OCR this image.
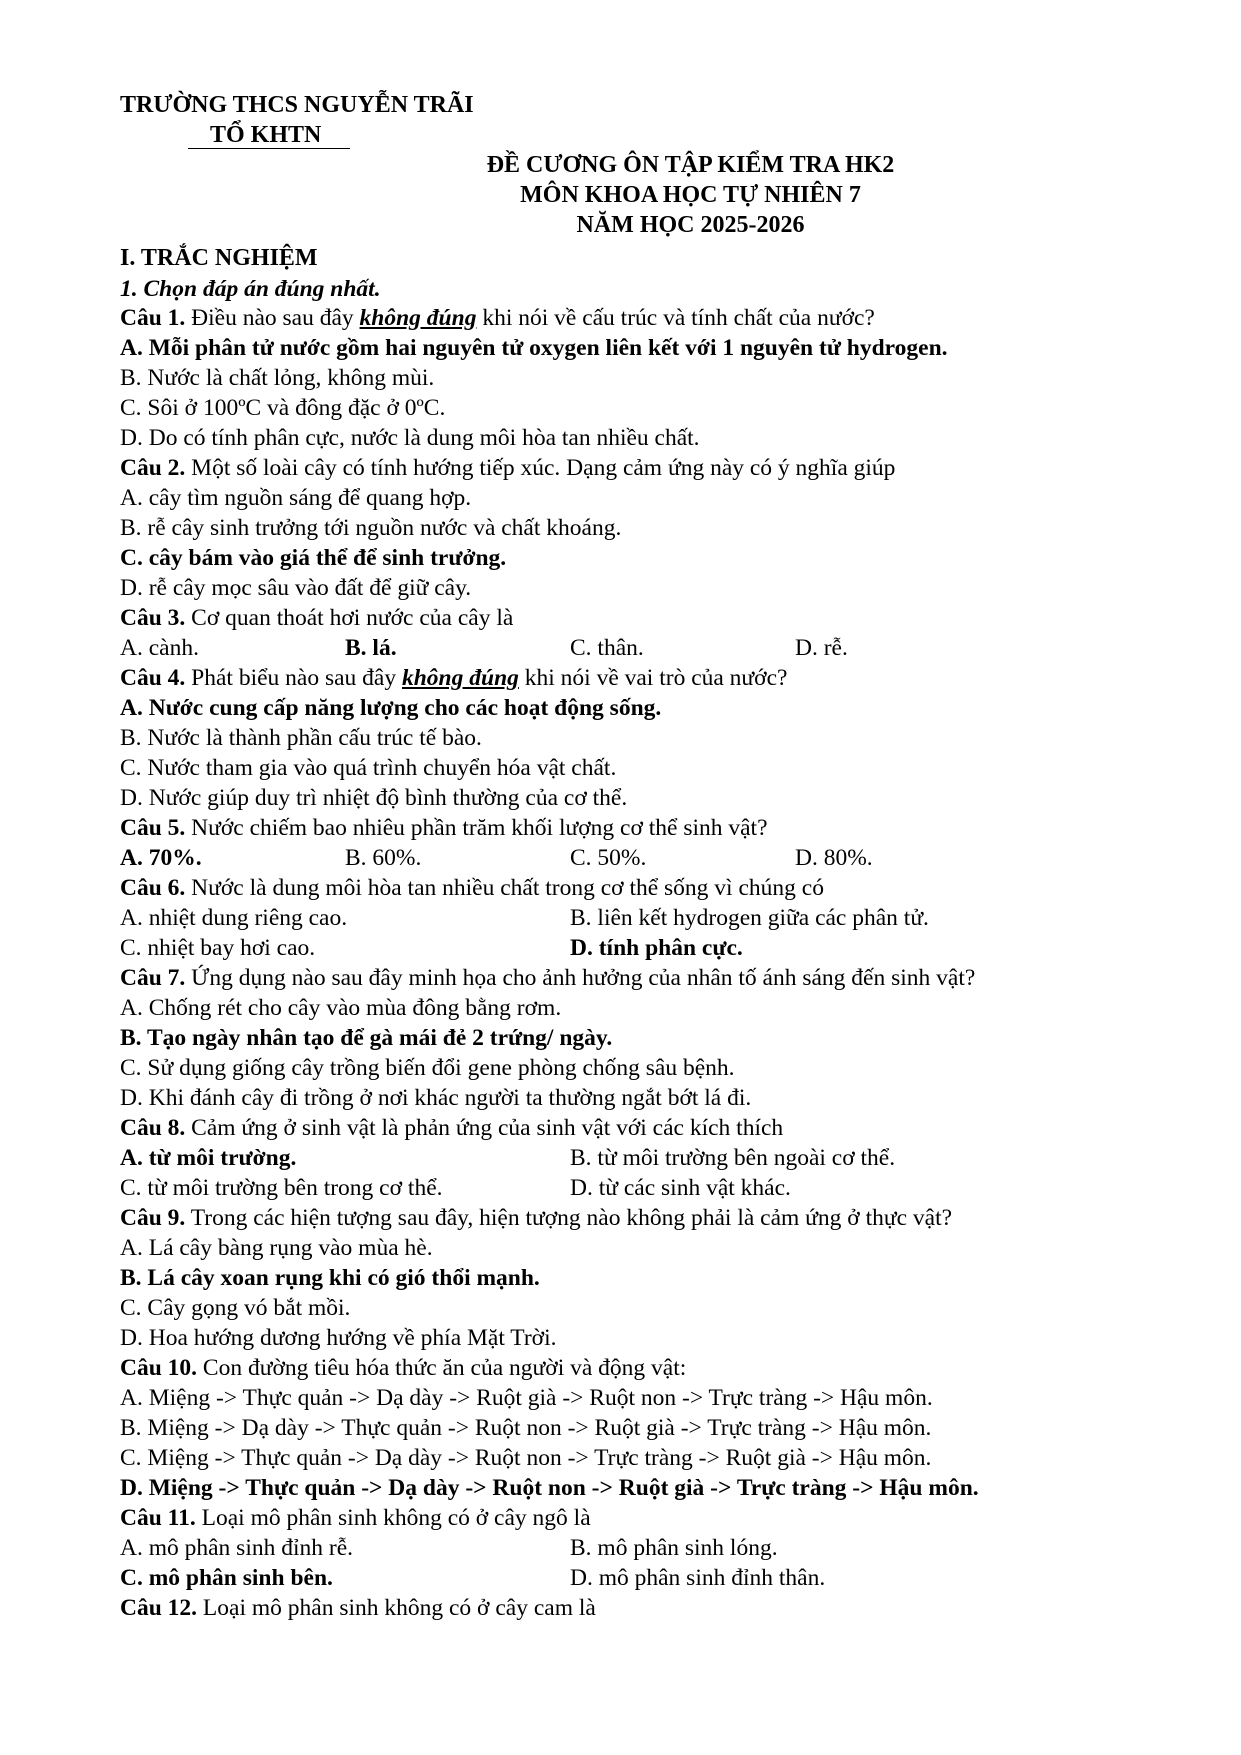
TRƯỜNG THCS NGUYỄN TRÃI
TỔ KHTN
ĐỀ CƯƠNG ÔN TẬP KIỂM TRA HK2
MÔN KHOA HỌC TỰ NHIÊN 7
NĂM HỌC 2025-2026
I. TRẮC NGHIỆM
1. Chọn đáp án đúng nhất.
Câu 1. Điều nào sau đây không đúng khi nói về cấu trúc và tính chất của nước?
A. Mỗi phân tử nước gồm hai nguyên tử oxygen liên kết với 1 nguyên tử hydrogen.
B. Nước là chất lỏng, không mùi.
C. Sôi ở 100ºC và đông đặc ở 0ºC.
D. Do có tính phân cực, nước là dung môi hòa tan nhiều chất.
Câu 2. Một số loài cây có tính hướng tiếp xúc. Dạng cảm ứng này có ý nghĩa giúp
A. cây tìm nguồn sáng để quang hợp.
B. rễ cây sinh trưởng tới nguồn nước và chất khoáng.
C. cây bám vào giá thể để sinh trưởng.
D. rễ cây mọc sâu vào đất để giữ cây.
Câu 3. Cơ quan thoát hơi nước của cây là
A. cành.	B. lá.	C. thân.	D. rễ.
Câu 4. Phát biểu nào sau đây không đúng khi nói về vai trò của nước?
A. Nước cung cấp năng lượng cho các hoạt động sống.
B. Nước là thành phần cấu trúc tế bào.
C. Nước tham gia vào quá trình chuyển hóa vật chất.
D. Nước giúp duy trì nhiệt độ bình thường của cơ thể.
Câu 5. Nước chiếm bao nhiêu phần trăm khối lượng cơ thể sinh vật?
A. 70%.	B. 60%.	C. 50%.	D. 80%.
Câu 6. Nước là dung môi hòa tan nhiều chất trong cơ thể sống vì chúng có
A. nhiệt dung riêng cao.	B. liên kết hydrogen giữa các phân tử.
C. nhiệt bay hơi cao.	D. tính phân cực.
Câu 7. Ứng dụng nào sau đây minh họa cho ảnh hưởng của nhân tố ánh sáng đến sinh vật?
A. Chống rét cho cây vào mùa đông bằng rơm.
B. Tạo ngày nhân tạo để gà mái đẻ 2 trứng/ ngày.
C. Sử dụng giống cây trồng biến đổi gene phòng chống sâu bệnh.
D. Khi đánh cây đi trồng ở nơi khác người ta thường ngắt bớt lá đi.
Câu 8. Cảm ứng ở sinh vật là phản ứng của sinh vật với các kích thích
A. từ môi trường.	B. từ môi trường bên ngoài cơ thể.
C. từ môi trường bên trong cơ thể.	D. từ các sinh vật khác.
Câu 9. Trong các hiện tượng sau đây, hiện tượng nào không phải là cảm ứng ở thực vật?
A. Lá cây bàng rụng vào mùa hè.
B. Lá cây xoan rụng khi có gió thổi mạnh.
C. Cây gọng vó bắt mồi.
D. Hoa hướng dương hướng về phía Mặt Trời.
Câu 10. Con đường tiêu hóa thức ăn của người và động vật:
A. Miệng -> Thực quản -> Dạ dày -> Ruột già -> Ruột non -> Trực tràng -> Hậu môn.
B. Miệng -> Dạ dày -> Thực quản -> Ruột non -> Ruột già -> Trực tràng -> Hậu môn.
C. Miệng -> Thực quản -> Dạ dày -> Ruột non -> Trực tràng -> Ruột già -> Hậu môn.
D. Miệng -> Thực quản -> Dạ dày -> Ruột non -> Ruột già -> Trực tràng -> Hậu môn.
Câu 11. Loại mô phân sinh không có ở cây ngô là
A. mô phân sinh đỉnh rễ.	B. mô phân sinh lóng.
C. mô phân sinh bên.	D. mô phân sinh đỉnh thân.
Câu 12. Loại mô phân sinh không có ở cây cam là
